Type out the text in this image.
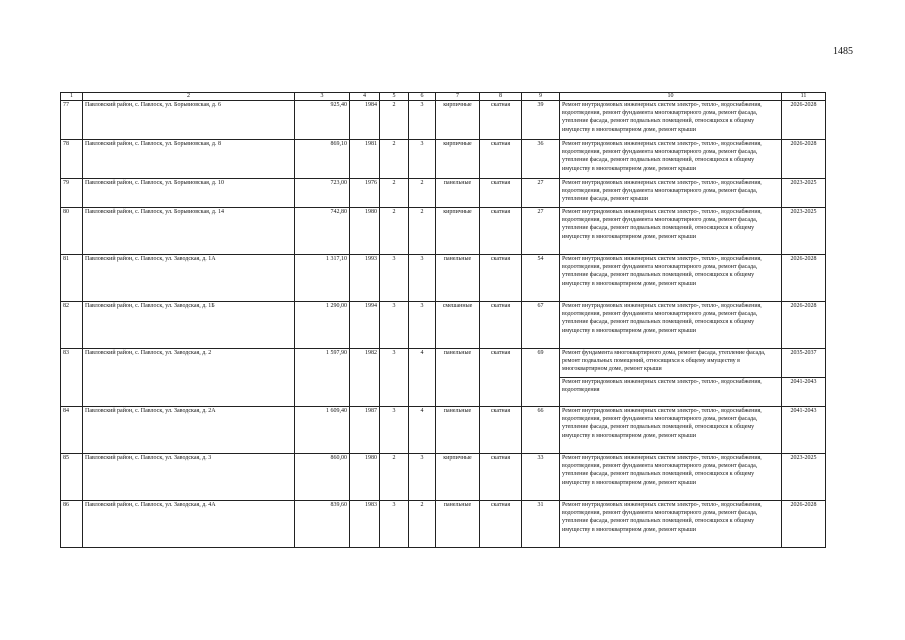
1485
1	2	3	4	5	6	7	8	9	10	11
77	Павловский район, с. Павлоск, ул. Борьвиовская, д. 6	925,40	1984	2	3	кирпичные	скатная	39	Ремонт внутридомовых инженерных систем электро-, тепло-, водоснабжения, водоотведения, ремонт фундамента многоквартирного дома, ремонт фасада, утепление фасада, ремонт подвальных помещений, относящихся к общему имуществу в многоквартирном доме, ремонт крыши	2026-2028
78	Павловский район, с. Павлоск, ул. Борьвиовская, д. 8	869,10	1981	2	3	кирпичные	скатная	36	Ремонт внутридомовых инженерных систем электро-, тепло-, водоснабжения, водоотведения, ремонт фундамента многоквартирного дома, ремонт фасада, утепление фасада, ремонт подвальных помещений, относящихся к общему имуществу в многоквартирном доме, ремонт крыши	2026-2028
79	Павловский район, с. Павлоск, ул. Борьвиовская, д. 10	723,00	1976	2	2	панельные	скатная	27	Ремонт внутридомовых инженерных систем электро-, тепло-, водоснабжения, водоотведения, ремонт фундамента многоквартирного дома, ремонт фасада, утепление фасада, ремонт крыши	2023-2025
80	Павловский район, с. Павлоск, ул. Борьвиовская, д. 14	742,80	1980	2	2	кирпичные	скатная	27	Ремонт внутридомовых инженерных систем электро-, тепло-, водоснабжения, водоотведения, ремонт фундамента многоквартирного дома, ремонт фасада, утепление фасада, ремонт подвальных помещений, относящихся к общему имуществу в многоквартирном доме, ремонт крыши	2023-2025
81	Павловский район, с. Павлоск, ул. Заводская, д. 1А	1 317,10	1993	3	3	панельные	скатная	54	Ремонт внутридомовых инженерных систем электро-, тепло-, водоснабжения, водоотведения, ремонт фундамента многоквартирного дома, ремонт фасада, утепление фасада, ремонт подвальных помещений, относящихся к общему имуществу в многоквартирном доме, ремонт крыши	2026-2028
82	Павловский район, с. Павлоск, ул. Заводская, д. 1Б	1 290,00	1994	3	3	смешанные	скатная	67	Ремонт внутридомовых инженерных систем электро-, тепло-, водоснабжения, водоотведения, ремонт фундамента многоквартирного дома, ремонт фасада, утепление фасада, ремонт подвальных помещений, относящихся к общему имуществу в многоквартирном доме, ремонт крыши	2026-2028
83	Павловский район, с. Павлоск, ул. Заводская, д. 2	1 597,90	1982	3	4	панельные	скатная	69	Ремонт фундамента многоквартирного дома, ремонт фасада, утепление фасада, ремонт подвальных помещений, относящихся к общему имуществу в многоквартирном доме, ремонт крыши	2035-2037
									Ремонт внутридомовых инженерных систем электро-, тепло-, водоснабжения, водоотведения	2041-2043
84	Павловский район, с. Павлоск, ул. Заводская, д. 2А	1 609,40	1987	3	4	панельные	скатная	66	Ремонт внутридомовых инженерных систем электро-, тепло-, водоснабжения, водоотведения, ремонт фундамента многоквартирного дома, ремонт фасада, утепление фасада, ремонт подвальных помещений, относящихся к общему имуществу в многоквартирном доме, ремонт крыши	2041-2043
85	Павловский район, с. Павлоск, ул. Заводская, д. 3	860,00	1980	2	3	кирпичные	скатная	33	Ремонт внутридомовых инженерных систем электро-, тепло-, водоснабжения, водоотведения, ремонт фундамента многоквартирного дома, ремонт фасада, утепление фасада, ремонт подвальных помещений, относящихся к общему имуществу в многоквартирном доме, ремонт крыши	2023-2025
86	Павловский район, с. Павлоск, ул. Заводская, д. 4А	839,60	1983	3	2	панельные	скатная	31	Ремонт внутридомовых инженерных систем электро-, тепло-, водоснабжения, водоотведения, ремонт фундамента многоквартирного дома, ремонт фасада, утепление фасада, ремонт подвальных помещений, относящихся к общему имуществу в многоквартирном доме, ремонт крыши	2026-2028
